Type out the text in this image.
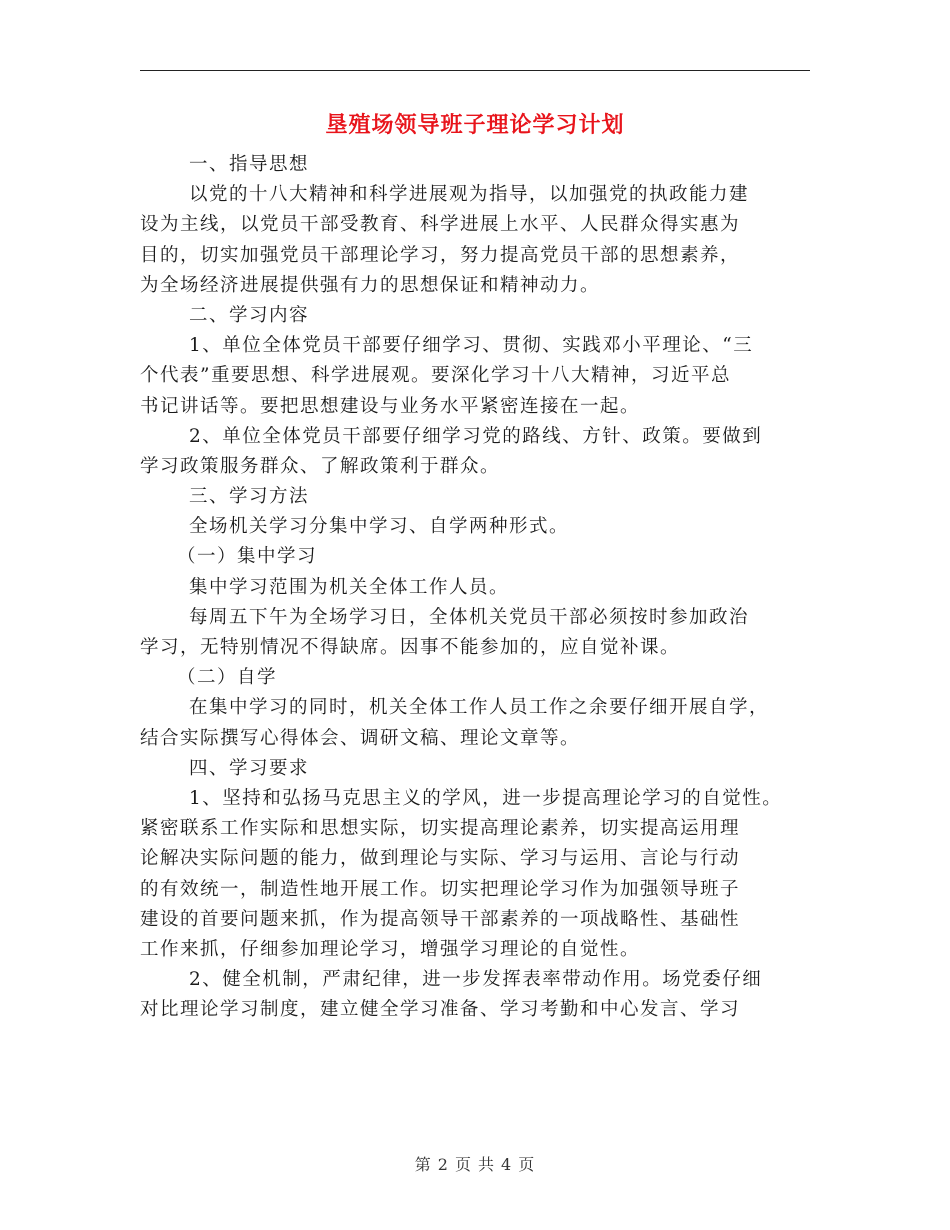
垦殖场领导班子理论学习计划
一、指导思想
以党的十八大精神和科学进展观为指导，以加强党的执政能力建
设为主线，以党员干部受教育、科学进展上水平、人民群众得实惠为
目的，切实加强党员干部理论学习，努力提高党员干部的思想素养，
为全场经济进展提供强有力的思想保证和精神动力。
二、学习内容
1、单位全体党员干部要仔细学习、贯彻、实践邓小平理论、“三
个代表”重要思想、科学进展观。要深化学习十八大精神，习近平总
书记讲话等。要把思想建设与业务水平紧密连接在一起。
2、单位全体党员干部要仔细学习党的路线、方针、政策。要做到
学习政策服务群众、了解政策利于群众。
三、学习方法
全场机关学习分集中学习、自学两种形式。
（一）集中学习
集中学习范围为机关全体工作人员。
每周五下午为全场学习日，全体机关党员干部必须按时参加政治
学习，无特别情况不得缺席。因事不能参加的，应自觉补课。
（二）自学
在集中学习的同时，机关全体工作人员工作之余要仔细开展自学，
结合实际撰写心得体会、调研文稿、理论文章等。
四、学习要求
1、坚持和弘扬马克思主义的学风，进一步提高理论学习的自觉性。
紧密联系工作实际和思想实际，切实提高理论素养，切实提高运用理
论解决实际问题的能力，做到理论与实际、学习与运用、言论与行动
的有效统一，制造性地开展工作。切实把理论学习作为加强领导班子
建设的首要问题来抓，作为提高领导干部素养的一项战略性、基础性
工作来抓，仔细参加理论学习，增强学习理论的自觉性。
2、健全机制，严肃纪律，进一步发挥表率带动作用。场党委仔细
对比理论学习制度，建立健全学习准备、学习考勤和中心发言、学习
第 2 页 共 4 页
